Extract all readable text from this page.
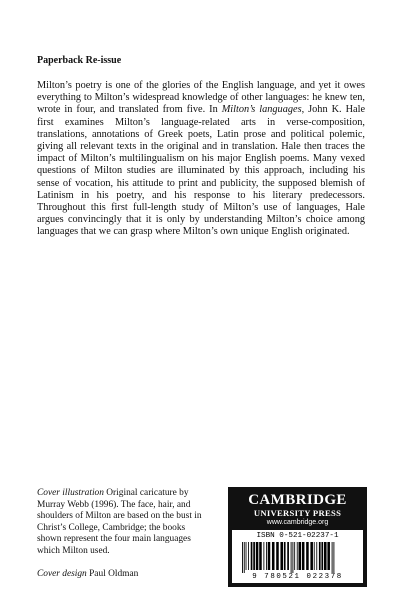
Paperback Re-issue

Milton’s poetry is one of the glories of the English language, and yet it owes everything to Milton’s widespread knowledge of other languages: he knew ten, wrote in four, and translated from five. In Milton’s languages, John K. Hale first examines Milton’s language-related arts in verse-composition, translations, annotations of Greek poets, Latin prose and political polemic, giving all relevant texts in the original and in translation. Hale then traces the impact of Milton’s multilingualism on his major English poems. Many vexed questions of Milton studies are illuminated by this approach, including his sense of vocation, his attitude to print and publicity, the supposed blemish of Latinism in his poetry, and his response to his literary predecessors. Throughout this first full-length study of Milton’s use of languages, Hale argues convincingly that it is only by understanding Milton’s choice among languages that we can grasp where Milton’s own unique English originated.

Cover illustration Original caricature by Murray Webb (1996). The face, hair, and shoulders of Milton are based on the bust in Christ’s College, Cambridge; the books shown represent the four main languages which Milton used.

Cover design Paul Oldman

CAMBRIDGE
UNIVERSITY PRESS
www.cambridge.org
ISBN 0-521-02237-1
9 780521 022378
